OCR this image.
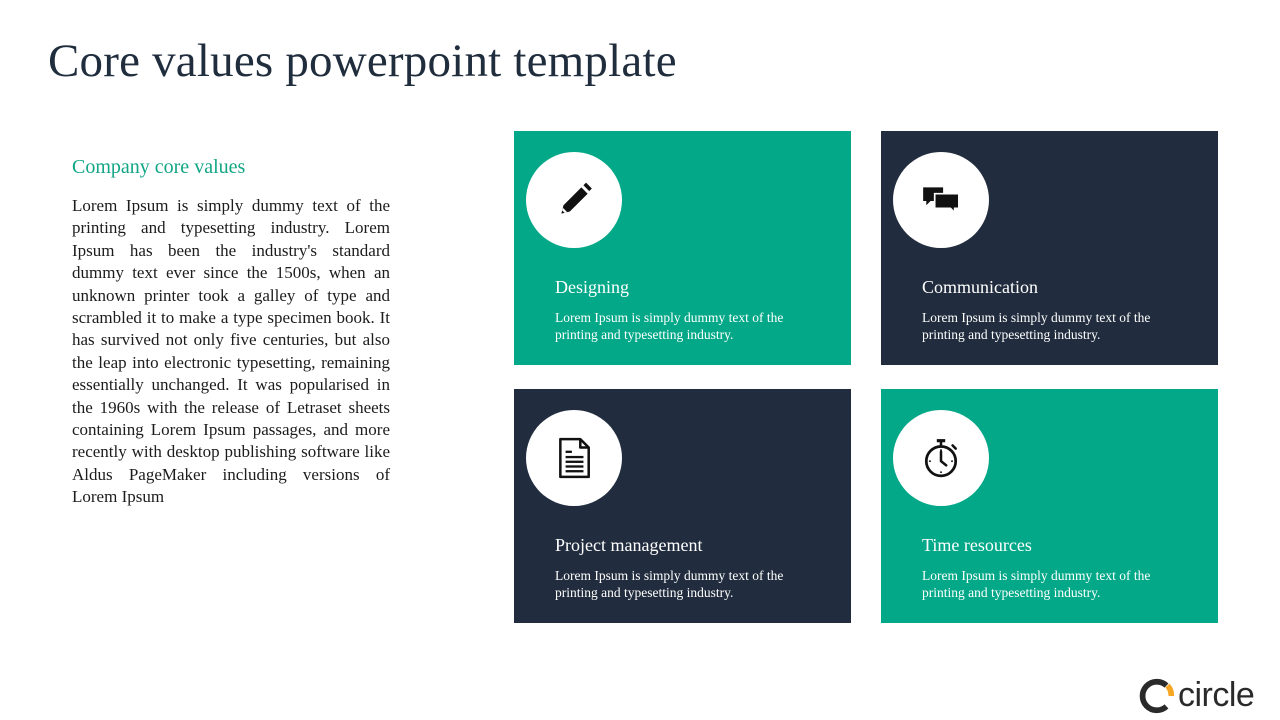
Core values powerpoint template
Company core values
Lorem Ipsum is simply dummy text of the printing and typesetting industry. Lorem Ipsum has been the industry's standard dummy text ever since the 1500s, when an unknown printer took a galley of type and scrambled it to make a type specimen book. It has survived not only five centuries, but also the leap into electronic typesetting, remaining essentially unchanged. It was popularised in the 1960s with the release of Letraset sheets containing Lorem Ipsum passages, and more recently with desktop publishing software like Aldus PageMaker including versions of Lorem Ipsum
Designing
Lorem Ipsum is simply dummy text of the printing and typesetting industry.
Communication
Lorem Ipsum is simply dummy text of the printing and typesetting industry.
Project management
Lorem Ipsum is simply dummy text of the printing and typesetting industry.
Time resources
Lorem Ipsum is simply dummy text of the printing and typesetting industry.
circle
